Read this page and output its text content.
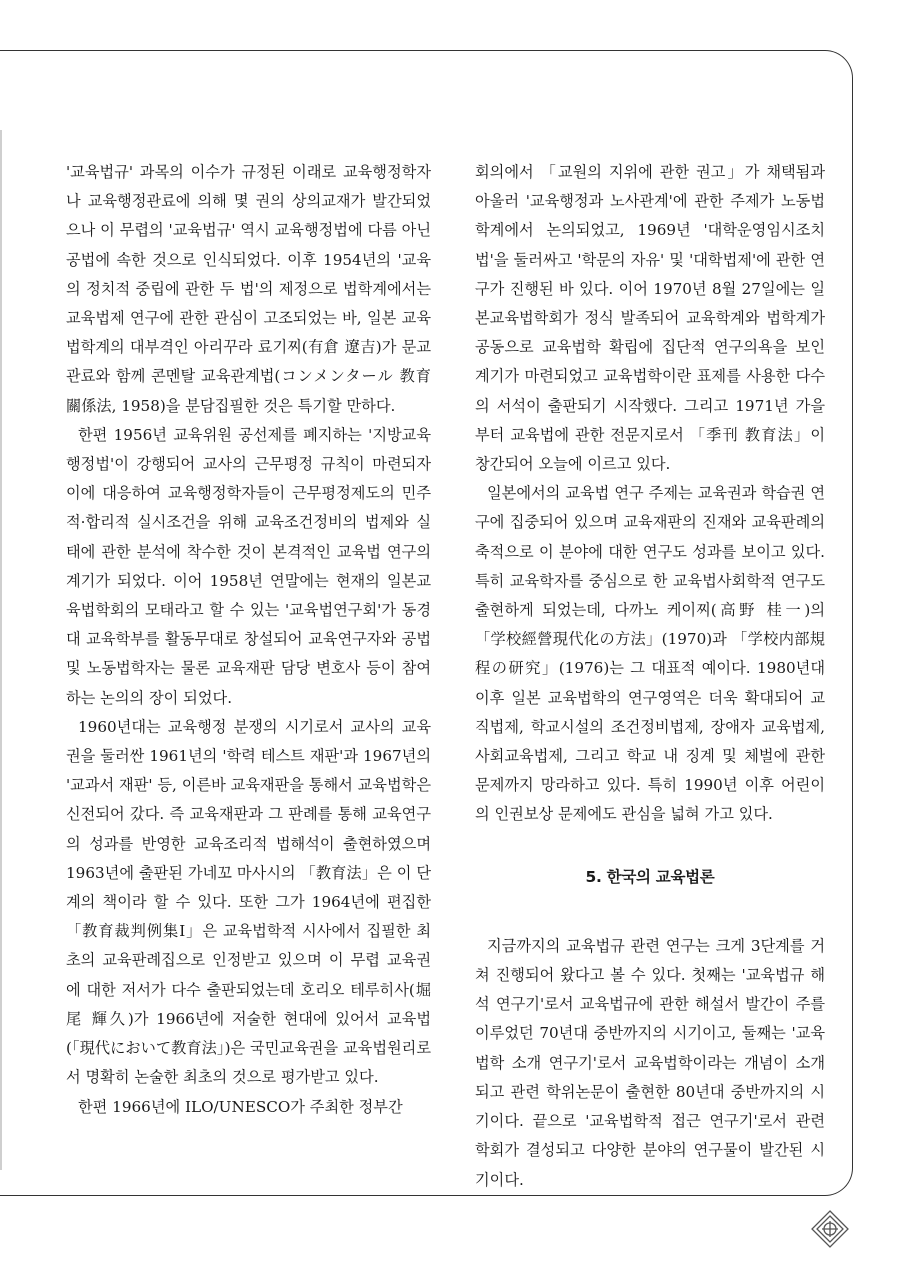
'교육법규' 과목의 이수가 규정된 이래로 교육행정학자나 교육행정관료에 의해 몇 권의 상의교재가 발간되었으나 이 무렵의 '교육법규' 역시 교육행정법에 다름 아닌 공법에 속한 것으로 인식되었다. 이후 1954년의 '교육의 정치적 중립에 관한 두 법'의 제정으로 법학계에서는 교육법제 연구에 관한 관심이 고조되었는 바, 일본 교육법학계의 대부격인 아리꾸라 료기찌(有倉 遼吉)가 문교관료와 함께 콘멘탈 교육관계법(コンメンタール 教育關係法, 1958)을 분담집필한 것은 특기할 만하다.

한편 1956년 교육위원 공선제를 폐지하는 '지방교육행정법'이 강행되어 교사의 근무평정 규칙이 마련되자 이에 대응하여 교육행정학자들이 근무평정제도의 민주적·합리적 실시조건을 위해 교육조건정비의 법제와 실태에 관한 분석에 착수한 것이 본격적인 교육법 연구의 계기가 되었다. 이어 1958년 연말에는 현재의 일본교육법학회의 모태라고 할 수 있는 '교육법연구회'가 동경대 교육학부를 활동무대로 창설되어 교육연구자와 공법 및 노동법학자는 물론 교육재판 담당 변호사 등이 참여하는 논의의 장이 되었다.

1960년대는 교육행정 분쟁의 시기로서 교사의 교육권을 둘러싼 1961년의 '학력 테스트 재판'과 1967년의 '교과서 재판' 등, 이른바 교육재판을 통해서 교육법학은 신전되어 갔다. 즉 교육재판과 그 판례를 통해 교육연구의 성과를 반영한 교육조리적 법해석이 출현하였으며 1963년에 출판된 가네꼬 마사시의 「教育法」은 이 단계의 책이라 할 수 있다. 또한 그가 1964년에 편집한 「教育裁判例集Ⅰ」은 교육법학적 시사에서 집필한 최초의 교육판례집으로 인정받고 있으며 이 무렵 교육권에 대한 저서가 다수 출판되었는데 호리오 테루히사(堀尾 輝久)가 1966년에 저술한 현대에 있어서 교육법(「現代において教育法」)은 국민교육권을 교육법원리로서 명확히 논술한 최초의 것으로 평가받고 있다.

한편 1966년에 ILO/UNESCO가 주최한 정부간

회의에서 「교원의 지위에 관한 권고」가 채택됨과 아울러 '교육행정과 노사관계'에 관한 주제가 노동법학계에서 논의되었고, 1969년 '대학운영임시조치법'을 둘러싸고 '학문의 자유' 및 '대학법제'에 관한 연구가 진행된 바 있다. 이어 1970년 8월 27일에는 일본교육법학회가 정식 발족되어 교육학계와 법학계가 공동으로 교육법학 확립에 집단적 연구의욕을 보인 계기가 마련되었고 교육법학이란 표제를 사용한 다수의 서석이 출판되기 시작했다. 그리고 1971년 가을부터 교육법에 관한 전문지로서 「季刊 教育法」이 창간되어 오늘에 이르고 있다.

일본에서의 교육법 연구 주제는 교육권과 학습권 연구에 집중되어 있으며 교육재판의 진재와 교육판례의 축적으로 이 분야에 대한 연구도 성과를 보이고 있다. 특히 교육학자를 중심으로 한 교육법사회학적 연구도 출현하게 되었는데, 다까노 케이찌(高野 桂一)의 「学校經營現代化の方法」(1970)과 「学校内部規程の研究」(1976)는 그 대표적 예이다. 1980년대 이후 일본 교육법학의 연구영역은 더욱 확대되어 교직법제, 학교시설의 조건정비법제, 장애자 교육법제, 사회교육법제, 그리고 학교 내 징계 및 체벌에 관한 문제까지 망라하고 있다. 특히 1990년 이후 어린이의 인권보상 문제에도 관심을 넓혀 가고 있다.

5. 한국의 교육법론

지금까지의 교육법규 관련 연구는 크게 3단계를 거쳐 진행되어 왔다고 볼 수 있다. 첫째는 '교육법규 해석 연구기'로서 교육법규에 관한 해설서 발간이 주를 이루었던 70년대 중반까지의 시기이고, 둘째는 '교육법학 소개 연구기'로서 교육법학이라는 개념이 소개되고 관련 학위논문이 출현한 80년대 중반까지의 시기이다. 끝으로 '교육법학적 접근 연구기'로서 관련 학회가 결성되고 다양한 분야의 연구물이 발간된 시기이다.
